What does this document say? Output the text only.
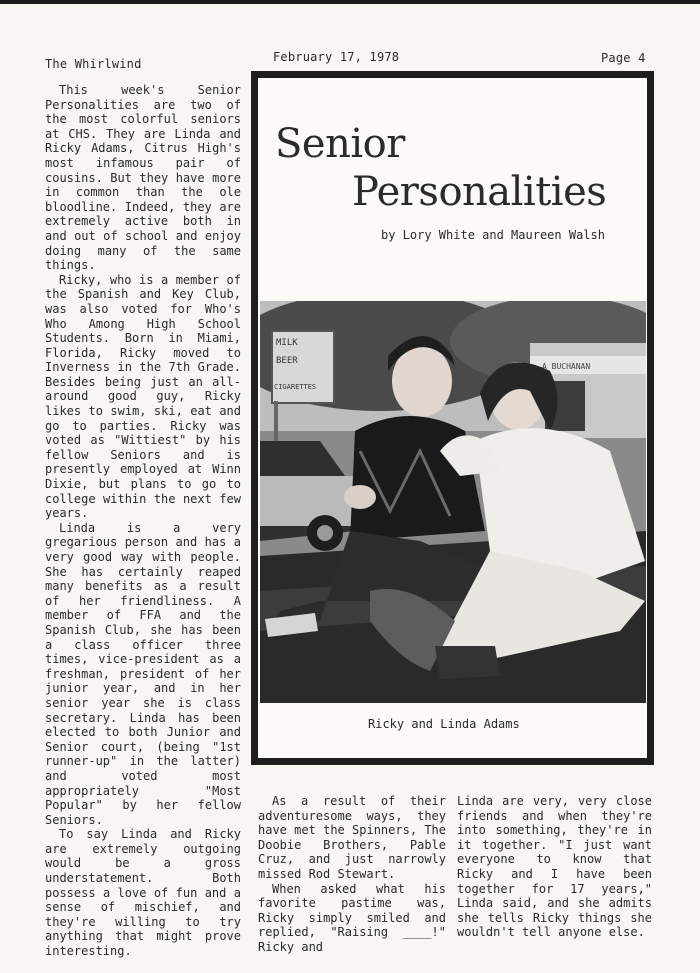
The Whirlwind	February 17, 1978	Page 4

This week's Senior Personalities are two of the most colorful seniors at CHS. They are Linda and Ricky Adams, Citrus High's most infamous pair of cousins. But they have more in common than the ole bloodline. Indeed, they are extremely active both in and out of school and enjoy doing many of the same things.

Ricky, who is a member of the Spanish and Key Club, was also voted for Who's Who Among High School Students. Born in Miami, Florida, Ricky moved to Inverness in the 7th Grade. Besides being just an all-around good guy, Ricky likes to swim, ski, eat and go to parties. Ricky was voted as "Wittiest" by his fellow Seniors and is presently employed at Winn Dixie, but plans to go to college within the next few years.

Linda is a very gregarious person and has a very good way with people. She has certainly reaped many benefits as a result of her friendliness. A member of FFA and the Spanish Club, she has been a class officer three times, vice-president as a freshman, president of her junior year, and in her senior year she is class secretary. Linda has been elected to both Junior and Senior court, (being "1st runner-up" in the latter) and voted most appropriately "Most Popular" by her fellow Seniors.

To say Linda and Ricky are extremely outgoing would be a gross understatement. Both possess a love of fun and a sense of mischief, and they're willing to try anything that might prove interesting.

Senior
Personalities
by Lory White and Maureen Walsh
MILK
BEER
CIGARETTES
A BUCHANAN
Ricky and Linda Adams

As a result of their adventuresome ways, they have met the Spinners, The Doobie Brothers, Pable Cruz, and just narrowly missed Rod Stewart.

When asked what his favorite pastime was, Ricky simply smiled and replied, "Raising ____!" Ricky and

Linda are very, very close friends and when they're into something, they're in it together. "I just want everyone to know that Ricky and I have been together for 17 years," Linda said, and she admits she tells Ricky things she wouldn't tell anyone else.
